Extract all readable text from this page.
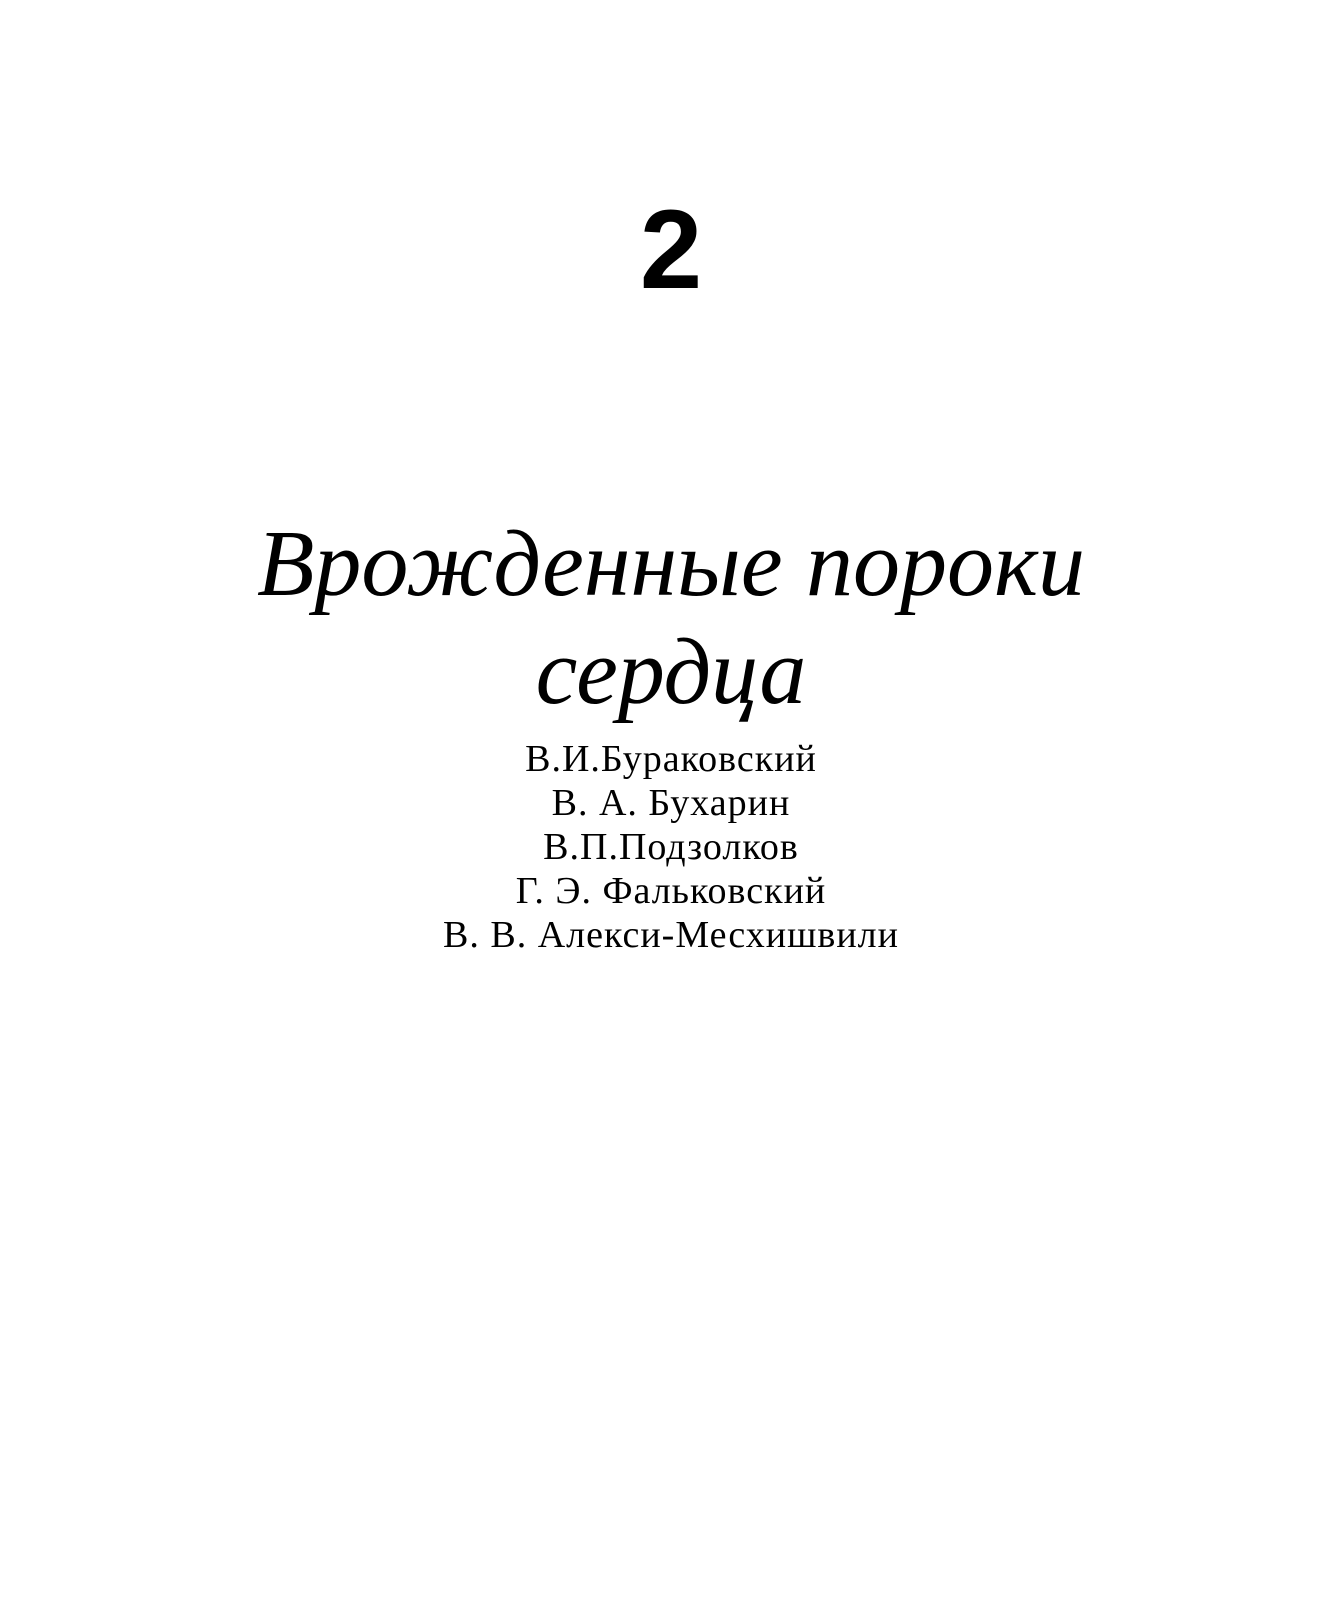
2
Врожденные пороки
сердца
В.И.Бураковский
В. А. Бухарин
В.П.Подзолков
Г. Э. Фальковский
В. В. Алекси-Месхишвили
